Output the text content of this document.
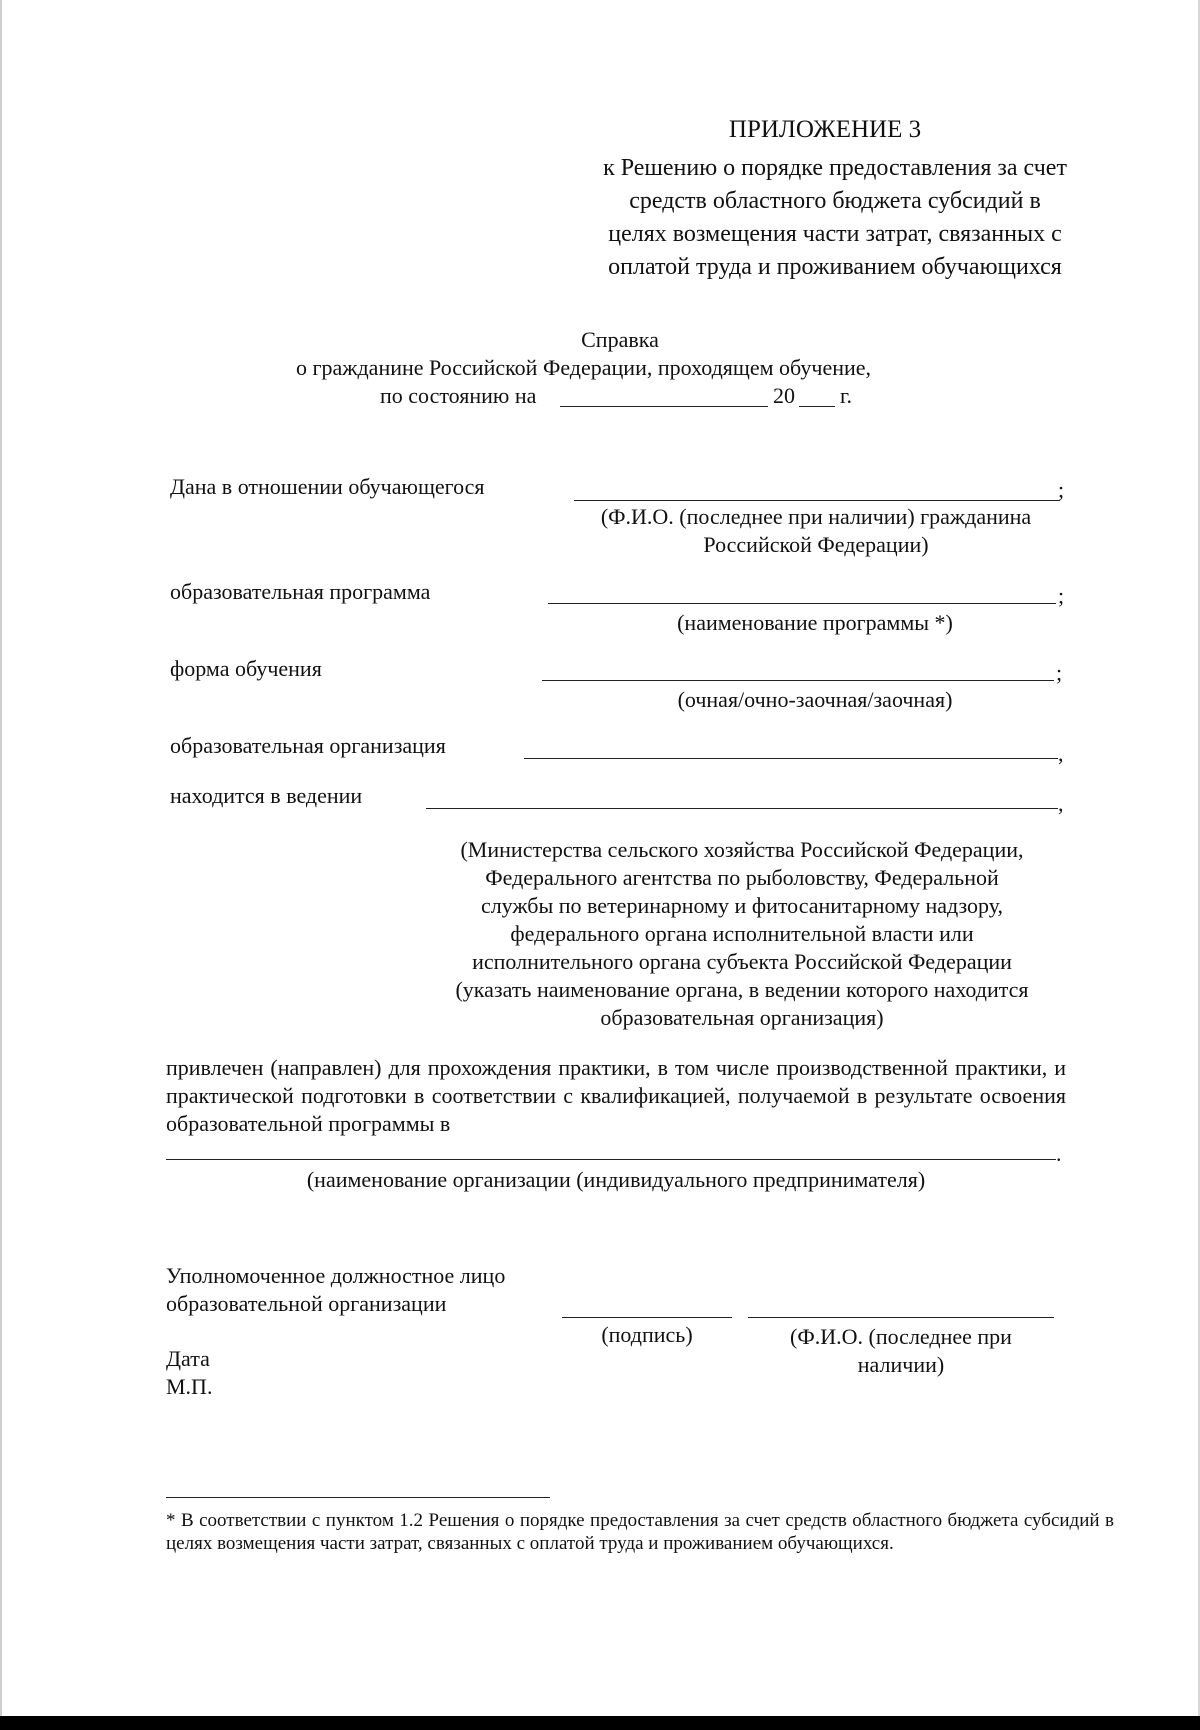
ПРИЛОЖЕНИЕ 3
к Решению о порядке предоставления за счет
средств областного бюджета субсидий в
целях возмещения части затрат, связанных с
оплатой труда и проживанием обучающихся
Справка
о гражданине Российской Федерации, проходящем обучение,
по состоянию на	20 г.
Дана в отношении обучающегося	;
(Ф.И.О. (последнее при наличии) гражданина
Российской Федерации)
образовательная программа	;
(наименование программы *)
форма обучения	;
(очная/очно-заочная/заочная)
образовательная организация	,
находится в ведении	,
(Министерства сельского хозяйства Российской Федерации,
Федерального агентства по рыболовству, Федеральной
службы по ветеринарному и фитосанитарному надзору,
федерального органа исполнительной власти или
исполнительного органа субъекта Российской Федерации
(указать наименование органа, в ведении которого находится
образовательная организация)
привлечен (направлен) для прохождения практики, в том числе производственной практики, и практической подготовки в соответствии с квалификацией, получаемой в результате освоения образовательной программы в
.
(наименование организации (индивидуального предпринимателя)
Уполномоченное должностное лицо
образовательной организации
(подпись)	(Ф.И.О. (последнее при
наличии)
Дата
М.П.
* В соответствии с пунктом 1.2 Решения о порядке предоставления за счет средств областного бюджета субсидий в целях возмещения части затрат, связанных с оплатой труда и проживанием обучающихся.
